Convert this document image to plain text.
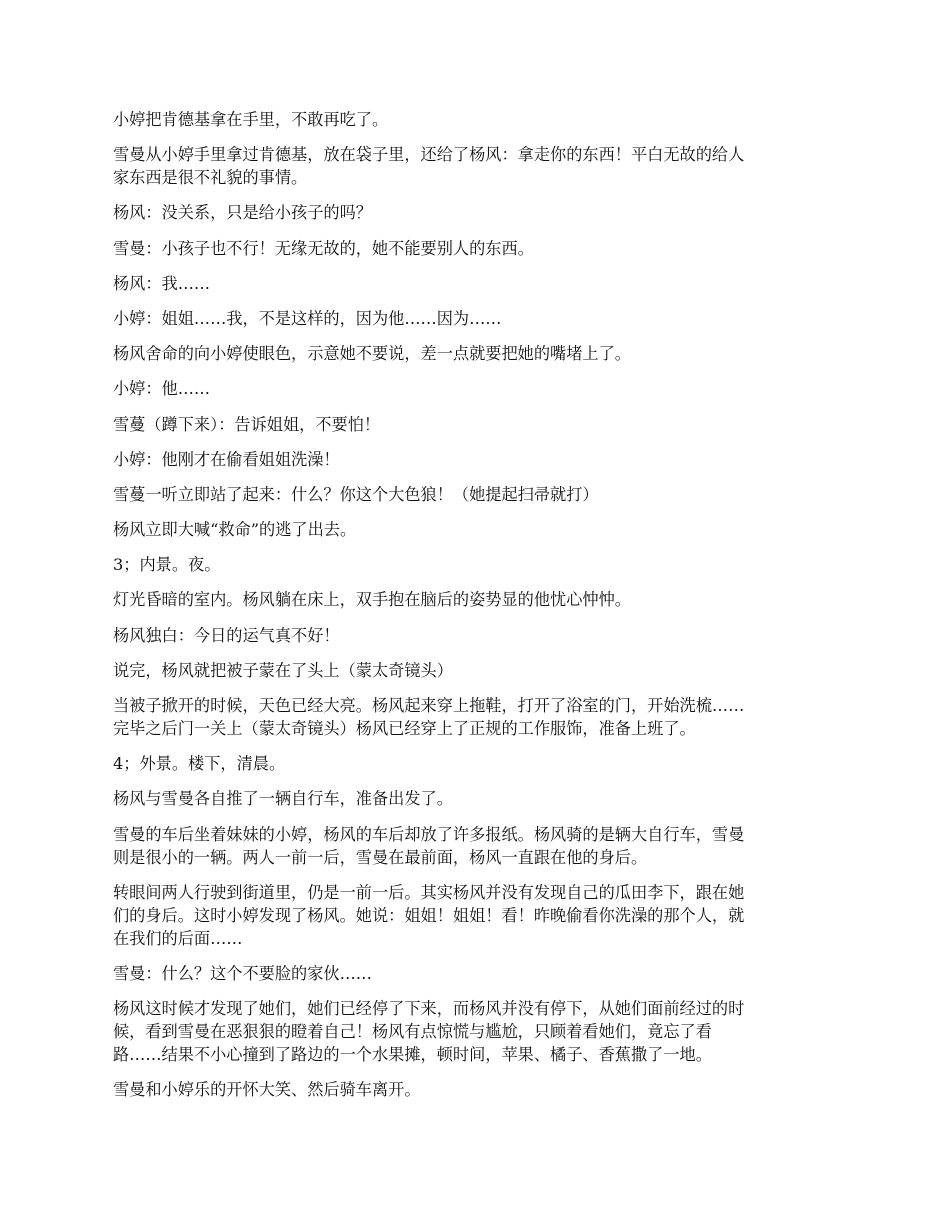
小婷把肯德基拿在手里，不敢再吃了。

雪曼从小婷手里拿过肯德基，放在袋子里，还给了杨风：拿走你的东西！平白无故的给人
家东西是很不礼貌的事情。

杨风：没关系，只是给小孩子的吗？

雪曼：小孩子也不行！无缘无故的，她不能要别人的东西。

杨风：我……

小婷：姐姐……我，不是这样的，因为他……因为……

杨风舍命的向小婷使眼色，示意她不要说，差一点就要把她的嘴堵上了。

小婷：他……

雪蔓（蹲下来）：告诉姐姐，不要怕！

小婷：他刚才在偷看姐姐洗澡！

雪蔓一听立即站了起来：什么？你这个大色狼！（她提起扫帚就打）

杨风立即大喊“救命”的逃了出去。

3；内景。夜。

灯光昏暗的室内。杨风躺在床上，双手抱在脑后的姿势显的他忧心忡忡。

杨风独白：今日的运气真不好！

说完，杨风就把被子蒙在了头上（蒙太奇镜头）

当被子掀开的时候，天色已经大亮。杨风起来穿上拖鞋，打开了浴室的门，开始洗梳……
完毕之后门一关上（蒙太奇镜头）杨风已经穿上了正规的工作服饰，准备上班了。

4；外景。楼下，清晨。

杨风与雪曼各自推了一辆自行车，准备出发了。

雪曼的车后坐着妹妹的小婷，杨风的车后却放了许多报纸。杨风骑的是辆大自行车，雪曼
则是很小的一辆。两人一前一后，雪曼在最前面，杨风一直跟在他的身后。

转眼间两人行驶到街道里，仍是一前一后。其实杨风并没有发现自己的瓜田李下，跟在她
们的身后。这时小婷发现了杨风。她说：姐姐！姐姐！看！昨晚偷看你洗澡的那个人，就
在我们的后面……

雪曼：什么？这个不要脸的家伙……

杨风这时候才发现了她们，她们已经停了下来，而杨风并没有停下，从她们面前经过的时
候，看到雪曼在恶狠狠的瞪着自己！杨风有点惊慌与尴尬，只顾着看她们，竟忘了看
路……结果不小心撞到了路边的一个水果摊，顿时间，苹果、橘子、香蕉撒了一地。

雪曼和小婷乐的开怀大笑、然后骑车离开。
